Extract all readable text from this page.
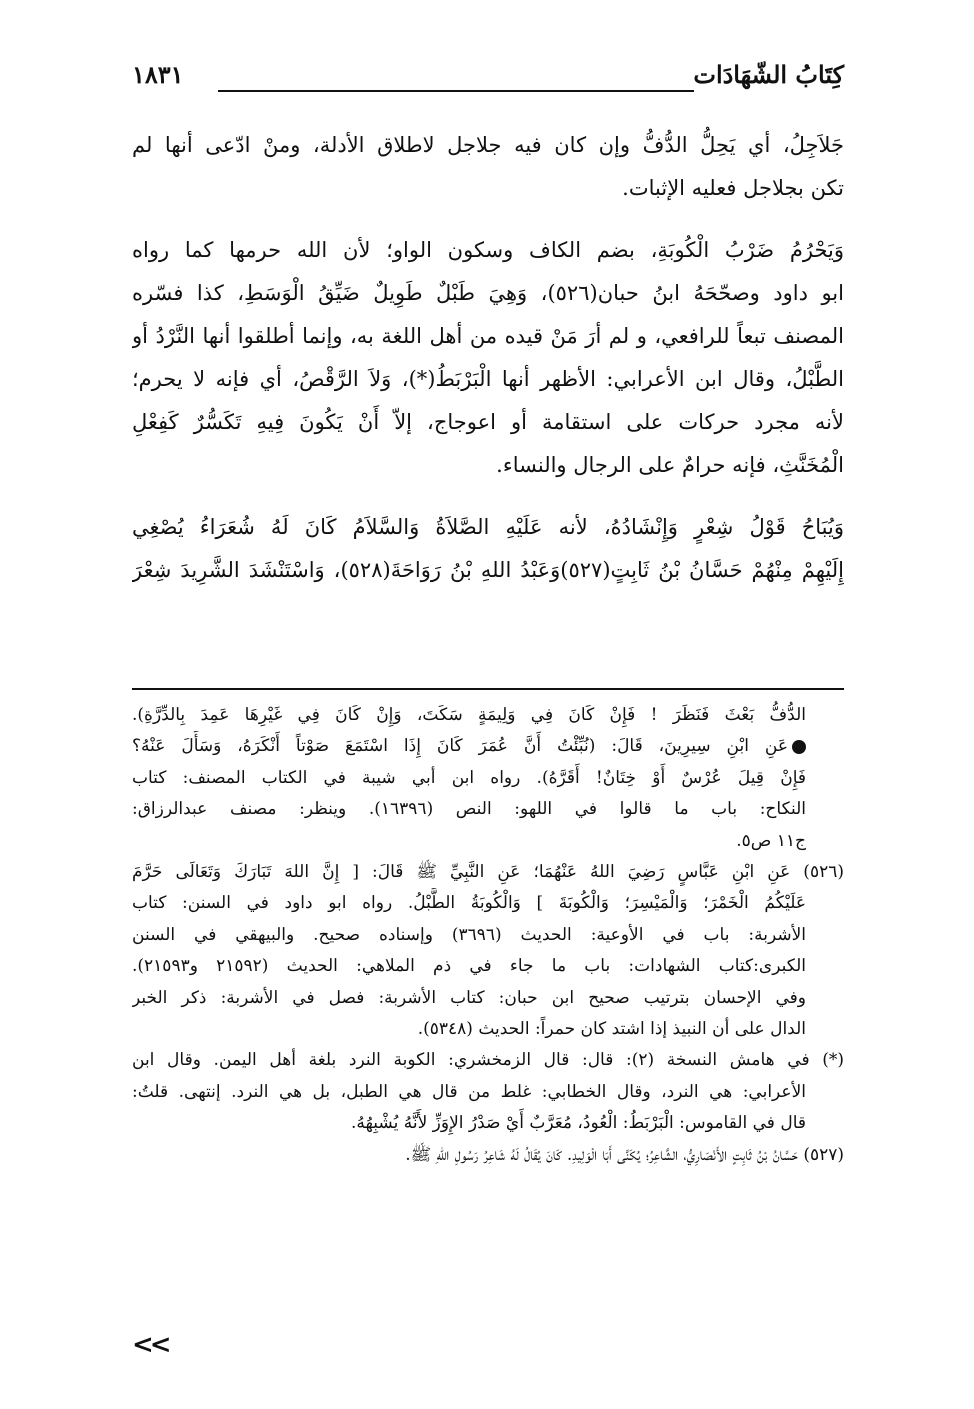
كِتَابُ الشّهَادَات
١٨٣١
جَلاَجِلُ، أي يَحِلُّ الدُّفُّ وإن كان فيه جلاجل لاطلاق الأدلة، ومنْ ادّعى أنها لم
تكن بجلاجل فعليه الإثبات.
وَيَحْرُمُ ضَرْبُ الْكُوبَةِ، بضم الكاف وسكون الواو؛ لأن الله حرمها كما رواه
ابو داود وصحّحَهُ ابنُ حبان(٥٢٦)، وَهِيَ طَبْلٌ طَوِيلٌ ضَيِّقُ الْوَسَطِ، كذا فسّره
المصنف تبعاً للرافعي، و لم أرَ مَنْ قيده من أهل اللغة به، وإنما أطلقوا أنها النَّرْدُ أو
الطَّبْلُ، وقال ابن الأعرابي: الأظهر أنها الْبَرْبَطُ(*)، وَلاَ الرَّقْصُ، أي فإنه لا يحرم؛
لأنه مجرد حركات على استقامة أو اعوجاج، إلاّ أَنْ يَكُونَ فِيهِ تَكَسُّرٌ كَفِعْلِ
الْمُخَنَّثِ، فإنه حرامٌ على الرجال والنساء.
وَيُبَاحُ قَوْلُ شِعْرٍ وَإِنْشَادُهُ، لأنه عَلَيْهِ الصَّلاَةُ وَالسَّلاَمُ كَانَ لَهُ شُعَرَاءُ يُصْغِي
إِلَيْهِمْ مِنْهُمْ حَسَّانُ بْنُ ثَابِتٍ(٥٢٧)وَعَبْدُ اللهِ بْنُ رَوَاحَةَ(٥٢٨)، وَاسْتَنْشَدَ الشَّرِيدَ شِعْرَ
الدُّفُّ بَعْثَ فَنَظَرَ ! فَإِنْ كَانَ فِي وَلِيمَةٍ سَكَتَ، وَإِنْ كَانَ فِي غَيْرِهَا عَمِدَ بِالدِّرَّةِ).
عَنِ ابْنِ سِيرِينَ، قَالَ: (نُبِّئْتُ أَنَّ عُمَرَ كَانَ إِذَا اسْتَمَعَ صَوْتاً أَنْكَرَهُ، وَسَأَلَ عَنْهُ؟
فَإِنْ قِيلَ عُرْسٌ أَوْ خِتَانٌ! أَقَرَّهُ). رواه ابن أبي شيبة في الكتاب المصنف: كتاب
النكاح: باب ما قالوا في اللهو: النص (١٦٣٩٦). وينظر: مصنف عبدالرزاق:
ج١١ ص٥.
(٥٢٦) عَنِ ابْنِ عَبَّاسٍ رَضِيَ اللهُ عَنْهُمَا؛ عَنِ النَّبِيِّ ﷺ قَالَ: [ إِنَّ اللهَ تَبَارَكَ وَتَعَالَى حَرَّمَ
عَلَيْكُمُ الْخَمْرَ؛ وَالْمَيْسِرَ؛ وَالْكُوبَةَ ] وَالْكُوبَةُ الطَّبْلُ. رواه ابو داود في السنن: كتاب
الأشربة: باب في الأوعية: الحديث (٣٦٩٦) وإسناده صحيح. والبيهقي في السنن
الكبرى:كتاب الشهادات: باب ما جاء في ذم الملاهي: الحديث (٢١٥٩٢ و٢١٥٩٣).
وفي الإحسان بترتيب صحيح ابن حبان: كتاب الأشربة: فصل في الأشربة: ذكر الخبر
الدال على أن النبيذ إذا اشتد كان حمراً: الحديث (٥٣٤٨).
(*) في هامش النسخة (٢): قال: قال الزمخشري: الكوبة النرد بلغة أهل اليمن. وقال ابن
الأعرابي: هي النرد، وقال الخطابي: غلط من قال هي الطبل، بل هي النرد. إنتهى. قلتُ:
قال في القاموس: الْبَرْبَطُ: الْعُودُ، مُعَرَّبٌ أَيْ صَدْرُ الإِوَزِّ لأَنَّهُ يُشْبِهُهُ.
(٥٢٧) حَسَّانُ بْنُ ثَابِتٍ الأَنْصَارِيُّ، الشَّاعِرُ؛ يُكَنَّى أَبَا الْوَلِيدِ. كَانَ يُقَالُ لَهُ شَاعِرُ رَسُولِ اللهِ ﷺ.
<<
